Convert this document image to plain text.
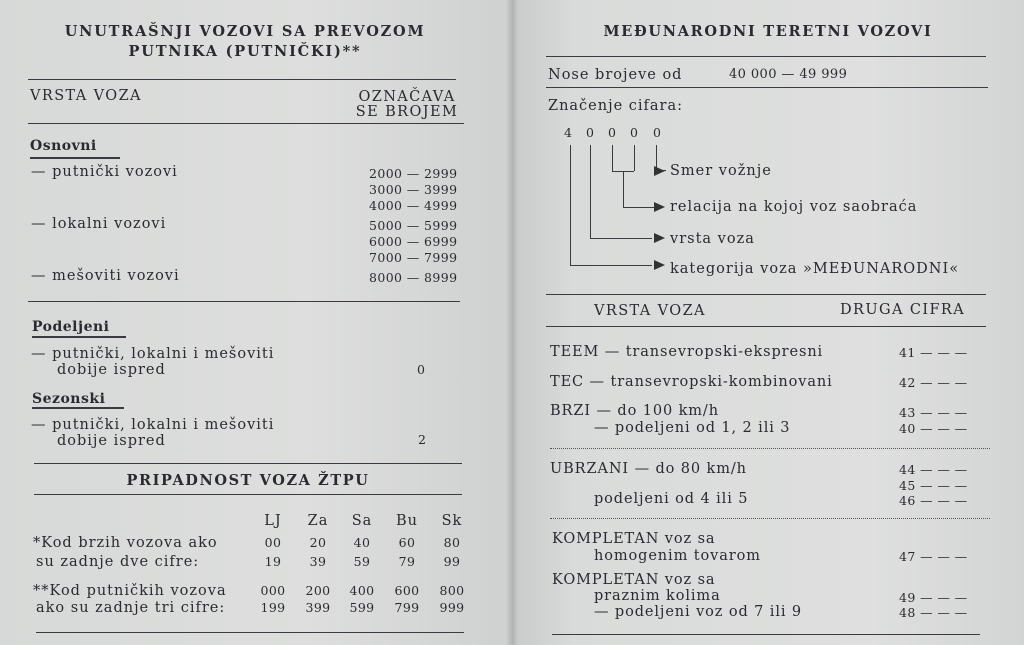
UNUTRAŠNJI VOZOVI SA PREVOZOM
PUTNIKA (PUTNIČKI)**
VRSTA VOZA	OZNAČAVA
SE BROJEM
Osnovni
— putnički vozovi	2000 — 2999
3000 — 3999
4000 — 4999
— lokalni vozovi	5000 — 5999
6000 — 6999
7000 — 7999
— mešoviti vozovi	8000 — 8999
Podeljeni
— putnički, lokalni i mešoviti
dobije ispred	0
Sezonski
— putnički, lokalni i mešoviti
dobije ispred	2
PRIPADNOST VOZA ŽTPU
LJ	Za	Sa	Bu	Sk
*Kod brzih vozova ako
su zadnje dve cifre:
00	20	40	60	80
19	39	59	79	99
**Kod putničkih vozova
ako su zadnje tri cifre:
000	200	400	600	800
199	399	599	799	999
MEĐUNARODNI TERETNI VOZOVI
Nose brojeve od	40 000 — 49 999
Značenje cifara:
4 0 0 0 0
Smer vožnje
relacija na kojoj voz saobraća
vrsta voza
kategorija voza »MEĐUNARODNI«
VRSTA VOZA	DRUGA CIFRA
TEEM — transevropski-ekspresni	41 — — —
TEC — transevropski-kombinovani	42 — — —
BRZI — do 100 km/h	43 — — —
— podeljeni od 1, 2 ili 3	40 — — —
UBRZANI — do 80 km/h	44 — — —
45 — — —
podeljeni od 4 ili 5	46 — — —
KOMPLETAN voz sa
homogenim tovarom	47 — — —
KOMPLETAN voz sa
praznim kolima	49 — — —
— podeljeni voz od 7 ili 9	48 — — —
